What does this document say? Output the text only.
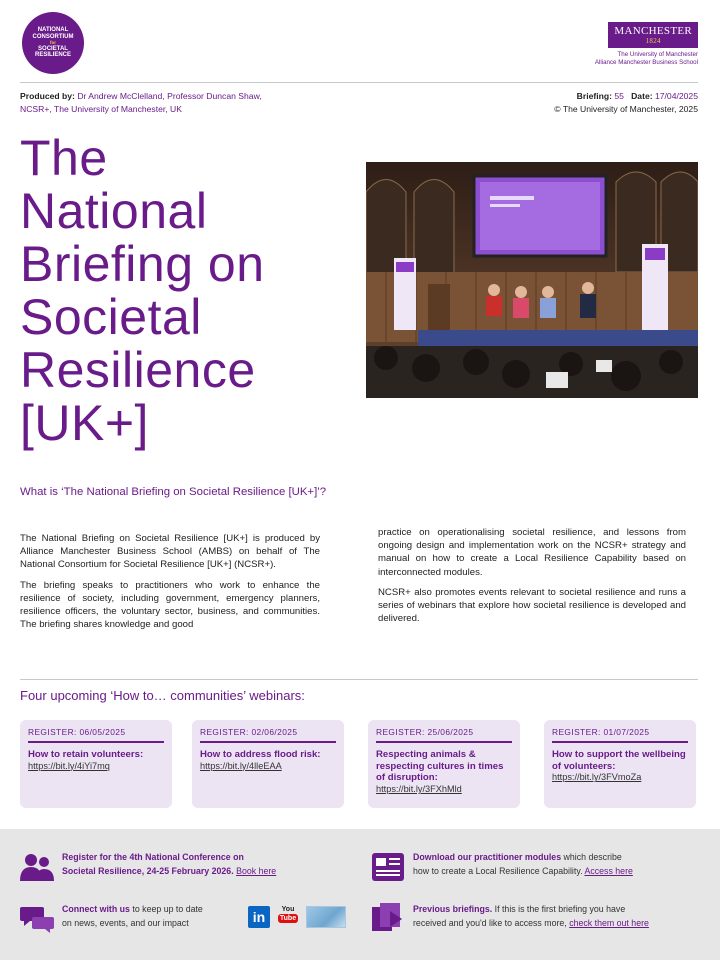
NATIONAL
CONSORTIUM
for
SOCIETAL
RESILIENCE
MANCHESTER
1824
The University of Manchester
Alliance Manchester Business School
Produced by: Dr Andrew McClelland, Professor Duncan Shaw,
NCSR+, The University of Manchester, UK
Briefing: 55 Date: 17/04/2025
© The University of Manchester, 2025
The
National
Briefing on
Societal
Resilience
[UK+]
What is ‘The National Briefing on Societal Resilience [UK+]’?

The National Briefing on Societal Resilience [UK+] is produced by Alliance Manchester Business School (AMBS) on behalf of The National Consortium for Societal Resilience [UK+] (NCSR+).

The briefing speaks to practitioners who work to enhance the resilience of society, including government, emergency planners, resilience officers, the voluntary sector, business, and communities. The briefing shares knowledge and good

practice on operationalising societal resilience, and lessons from ongoing design and implementation work on the NCSR+ strategy and manual on how to create a Local Resilience Capability based on interconnected modules.

NCSR+ also promotes events relevant to societal resilience and runs a series of webinars that explore how societal resilience is developed and delivered.

Four upcoming ‘How to… communities’ webinars:
REGISTER: 06/05/2025
How to retain volunteers:
https://bit.ly/4iYi7mq
REGISTER: 02/06/2025
How to address flood risk:
https://bit.ly/4lleEAA
REGISTER: 25/06/2025
Respecting animals & respecting cultures in times of disruption:
https://bit.ly/3FXhMld
REGISTER: 01/07/2025
How to support the wellbeing of volunteers:
https://bit.ly/3FVmoZa
Register for the 4th National Conference on
Societal Resilience, 24-25 February 2026. Book here
Download our practitioner modules which describe
how to create a Local Resilience Capability. Access here
Connect with us to keep up to date
on news, events, and our impact	in	You
Tube
Previous briefings. If this is the first briefing you have
received and you'd like to access more, check them out here
